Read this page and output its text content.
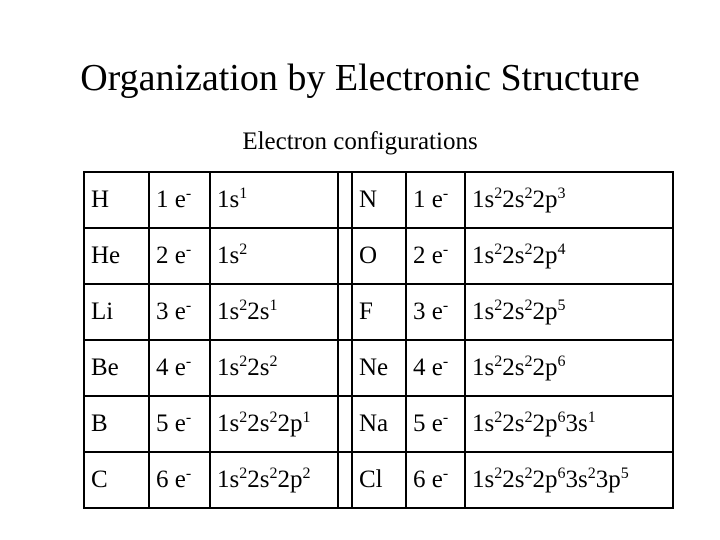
Organization by Electronic Structure
Electron configurations
H	1 e-	$1s^1$		N	1 e-	$1s^22s^22p^3$
He	2 e-	$1s^2$		O	2 e-	$1s^22s^22p^4$
Li	3 e-	$1s^22s^1$		F	3 e-	$1s^22s^22p^5$
Be	4 e-	$1s^22s^2$		Ne	4 e-	$1s^22s^22p^6$
B	5 e-	$1s^22s^22p^1$		Na	5 e-	$1s^22s^22p^63s^1$
C	6 e-	$1s^22s^22p^2$		Cl	6 e-	$1s^22s^22p^63s^23p^5$
